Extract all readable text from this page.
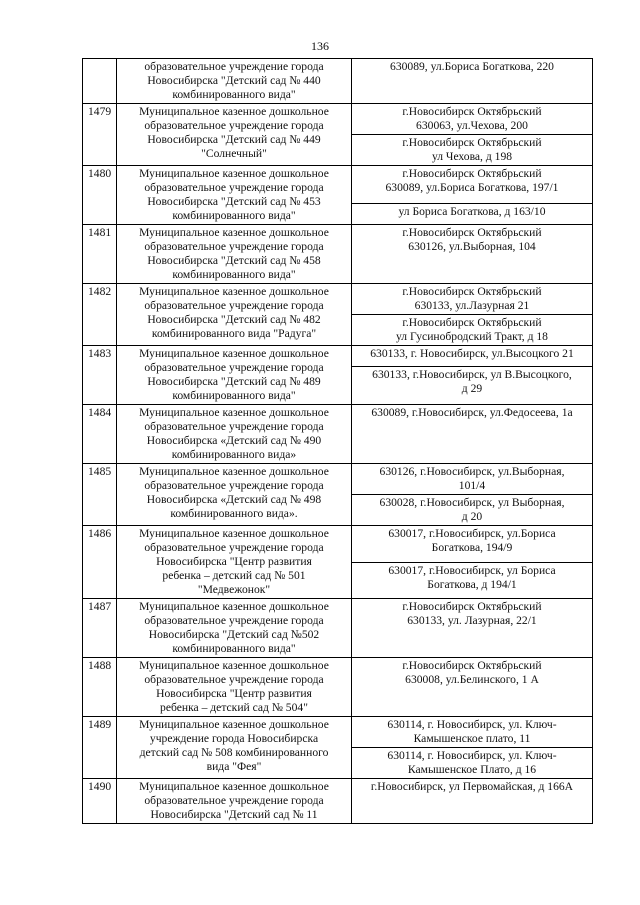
136

	образовательное учреждение города
Новосибирска "Детский сад № 440
комбинированного вида"	630089, ул.Бориса Богаткова, 220

1479	Муниципальное казенное дошкольное
образовательное учреждение города
Новосибирска "Детский сад № 449
"Солнечный"	г.Новосибирск Октябрьский
630063, ул.Чехова, 200

		г.Новосибирск Октябрьский
ул Чехова, д 198

1480	Муниципальное казенное дошкольное
образовательное учреждение города
Новосибирска "Детский сад № 453
комбинированного вида"	г.Новосибирск Октябрьский
630089, ул.Бориса Богаткова, 197/1

		ул Бориса Богаткова, д 163/10

1481	Муниципальное казенное дошкольное
образовательное учреждение города
Новосибирска "Детский сад № 458
комбинированного вида"	г.Новосибирск Октябрьский
630126, ул.Выборная, 104

1482	Муниципальное казенное дошкольное
образовательное учреждение города
Новосибирска "Детский сад № 482
комбинированного вида "Радуга"	г.Новосибирск Октябрьский
630133, ул.Лазурная 21

		г.Новосибирск Октябрьский
ул Гусинобродский Тракт, д 18

1483	Муниципальное казенное дошкольное
образовательное учреждение города
Новосибирска "Детский сад № 489
комбинированного вида"	630133, г. Новосибирск, ул.Высоцкого 21

		630133, г.Новосибирск, ул В.Высоцкого,
д 29

1484	Муниципальное казенное дошкольное
образовательное учреждение города
Новосибирска «Детский сад № 490
комбинированного вида»	630089, г.Новосибирск, ул.Федосеева, 1а

1485	Муниципальное казенное дошкольное
образовательное учреждение города
Новосибирска «Детский сад № 498
комбинированного вида».	630126, г.Новосибирск, ул.Выборная,
101/4

		630028, г.Новосибирск, ул Выборная,
д 20

1486	Муниципальное казенное дошкольное
образовательное учреждение города
Новосибирска "Центр развития
ребенка – детский сад № 501
"Медвежонок"	630017, г.Новосибирск, ул.Бориса
Богаткова, 194/9

		630017, г.Новосибирск, ул Бориса
Богаткова, д 194/1

1487	Муниципальное казенное дошкольное
образовательное учреждение города
Новосибирска "Детский сад №502
комбинированного вида"	г.Новосибирск Октябрьский
630133, ул. Лазурная, 22/1

1488	Муниципальное казенное дошкольное
образовательное учреждение города
Новосибирска "Центр развития
ребенка – детский сад № 504"	г.Новосибирск Октябрьский
630008, ул.Белинского, 1 А

1489	Муниципальное казенное дошкольное
учреждение города Новосибирска
детский сад № 508 комбинированного
вида "Фея"	630114, г. Новосибирск, ул. Ключ-
Камышенское плато, 11

		630114, г. Новосибирск, ул. Ключ-
Камышенское Плато, д 16

1490	Муниципальное казенное дошкольное
образовательное учреждение города
Новосибирска "Детский сад № 11	г.Новосибирск, ул Первомайская, д 166А
